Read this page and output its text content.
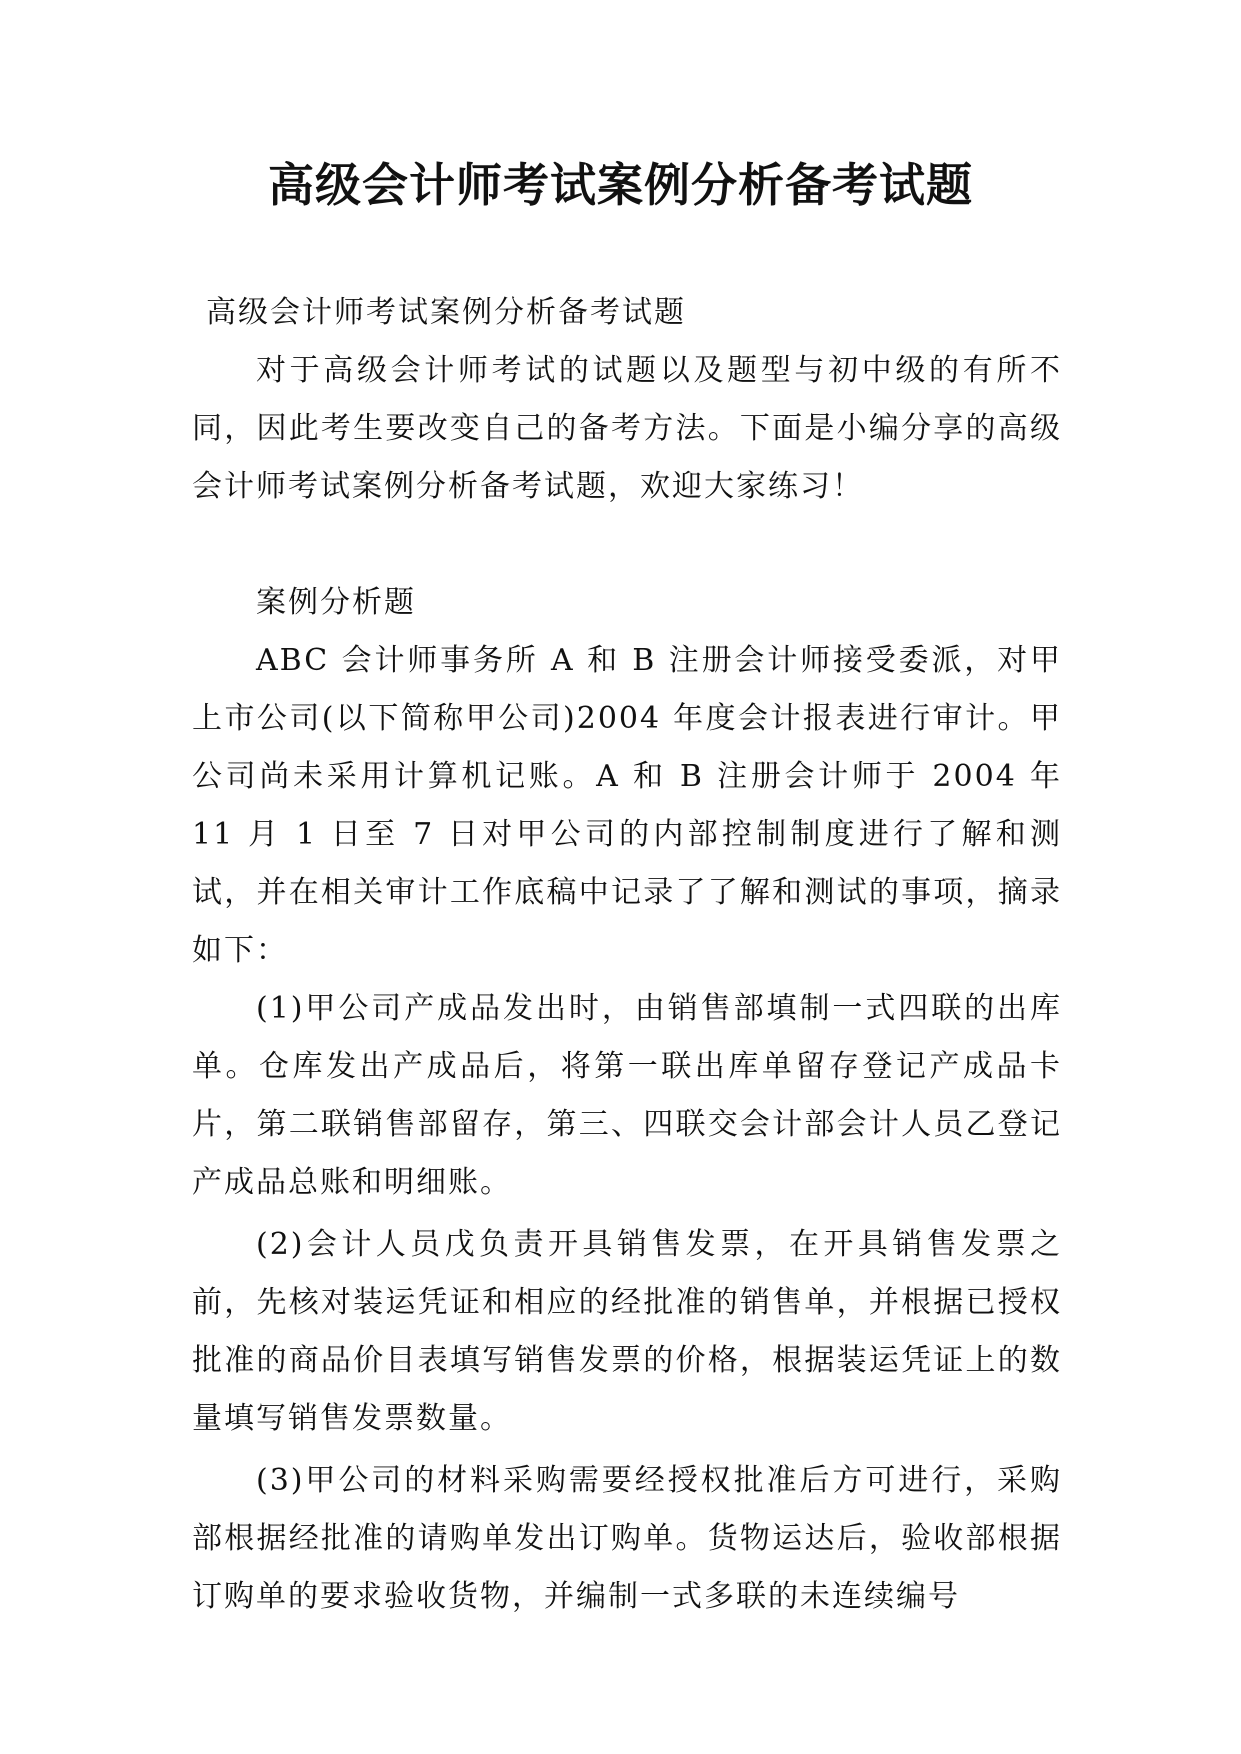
高级会计师考试案例分析备考试题

高级会计师考试案例分析备考试题

对于高级会计师考试的试题以及题型与初中级的有所不同，因此考生要改变自己的备考方法。下面是小编分享的高级会计师考试案例分析备考试题，欢迎大家练习！

案例分析题

ABC 会计师事务所 A 和 B 注册会计师接受委派，对甲上市公司(以下简称甲公司)2004 年度会计报表进行审计。甲公司尚未采用计算机记账。A 和 B 注册会计师于 2004 年 11 月 1 日至 7 日对甲公司的内部控制制度进行了解和测试，并在相关审计工作底稿中记录了了解和测试的事项，摘录如下：

(1)甲公司产成品发出时，由销售部填制一式四联的出库单。仓库发出产成品后，将第一联出库单留存登记产成品卡片，第二联销售部留存，第三、四联交会计部会计人员乙登记产成品总账和明细账。

(2)会计人员戊负责开具销售发票，在开具销售发票之前，先核对装运凭证和相应的经批准的销售单，并根据已授权批准的商品价目表填写销售发票的价格，根据装运凭证上的数量填写销售发票数量。

(3)甲公司的材料采购需要经授权批准后方可进行，采购部根据经批准的请购单发出订购单。货物运达后，验收部根据订购单的要求验收货物，并编制一式多联的未连续编号
